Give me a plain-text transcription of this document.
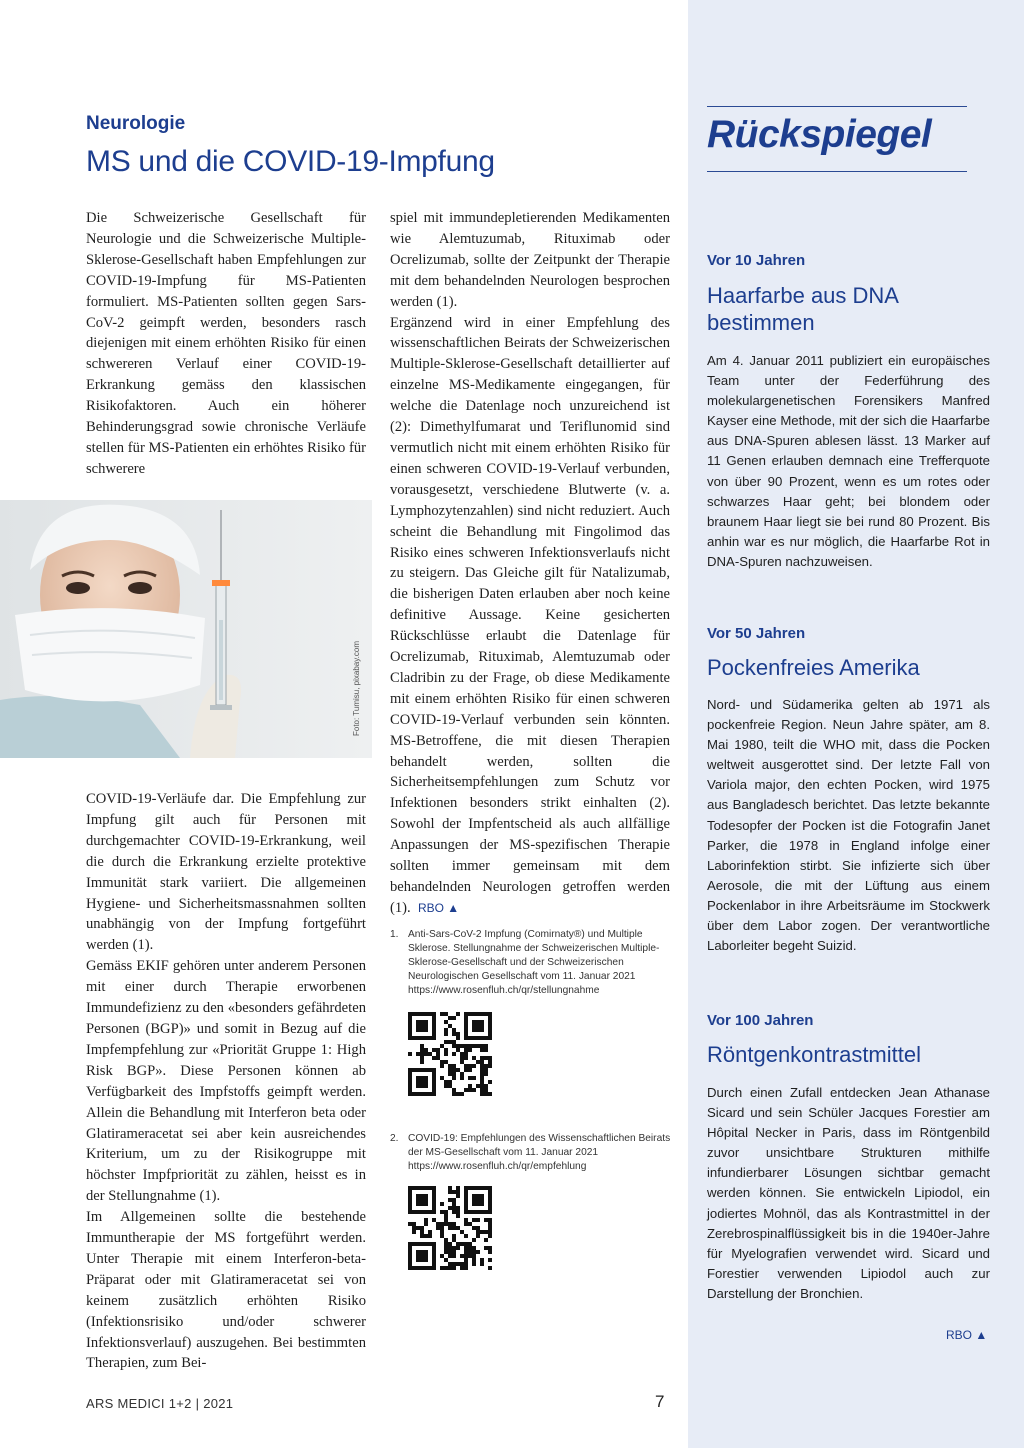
Neurologie
MS und die COVID-19-Impfung

Die Schweizerische Gesellschaft für Neurologie und die Schweizerische Multiple-Sklerose-Gesellschaft haben Empfehlungen zur COVID-19-Impfung für MS-Patienten formuliert. MS-Patienten sollten gegen Sars-CoV-2 geimpft werden, besonders rasch diejenigen mit einem erhöhten Risiko für einen schwereren Verlauf einer COVID-19-Erkrankung gemäss den klassischen Risikofaktoren. Auch ein höherer Behinderungsgrad sowie chronische Verläufe stellen für MS-Patienten ein erhöhtes Risiko für schwerere

Foto: Tumisu, pixabay.com

COVID-19-Verläufe dar. Die Empfehlung zur Impfung gilt auch für Personen mit durchgemachter COVID-19-Erkrankung, weil die durch die Erkrankung erzielte protektive Immunität stark variiert. Die allgemeinen Hygiene- und Sicherheitsmassnahmen sollten unabhängig von der Impfung fortgeführt werden (1).

Gemäss EKIF gehören unter anderem Personen mit einer durch Therapie erworbenen Immundefizienz zu den «besonders gefährdeten Personen (BGP)» und somit in Bezug auf die Impfempfehlung zur «Priorität Gruppe 1: High Risk BGP». Diese Personen können ab Verfügbarkeit des Impfstoffs geimpft werden. Allein die Behandlung mit Interferon beta oder Glatirameracetat sei aber kein ausreichendes Kriterium, um zu der Risikogruppe mit höchster Impfpriorität zu zählen, heisst es in der Stellungnahme (1).

Im Allgemeinen sollte die bestehende Immuntherapie der MS fortgeführt werden. Unter Therapie mit einem Interferon-beta-Präparat oder mit Glatirameracetat sei von keinem zusätzlich erhöhten Risiko (Infektionsrisiko und/oder schwerer Infektionsverlauf) auszugehen. Bei bestimmten Therapien, zum Bei-

spiel mit immundepletierenden Medikamenten wie Alemtuzumab, Rituximab oder Ocrelizumab, sollte der Zeitpunkt der Therapie mit dem behandelnden Neurologen besprochen werden (1).

Ergänzend wird in einer Empfehlung des wissenschaftlichen Beirats der Schweizerischen Multiple-Sklerose-Gesellschaft detaillierter auf einzelne MS-Medikamente eingegangen, für welche die Datenlage noch unzureichend ist (2): Dimethylfumarat und Teriflunomid sind vermutlich nicht mit einem erhöhten Risiko für einen schweren COVID-19-Verlauf verbunden, vorausgesetzt, verschiedene Blutwerte (v. a. Lymphozytenzahlen) sind nicht reduziert. Auch scheint die Behandlung mit Fingolimod das Risiko eines schweren Infektionsverlaufs nicht zu steigern. Das Gleiche gilt für Natalizumab, die bisherigen Daten erlauben aber noch keine definitive Aussage. Keine gesicherten Rückschlüsse erlaubt die Datenlage für Ocrelizumab, Rituximab, Alemtuzumab oder Cladribin zu der Frage, ob diese Medikamente mit einem erhöhten Risiko für einen schweren COVID-19-Verlauf verbunden sein könnten. MS-Betroffene, die mit diesen Therapien behandelt werden, sollten die Sicherheitsempfehlungen zum Schutz vor Infektionen besonders strikt einhalten (2). Sowohl der Impfentscheid als auch allfällige Anpassungen der MS-spezifischen Therapie sollten immer gemeinsam mit dem behandelnden Neurologen getroffen werden (1). RBO ▲

1. Anti-Sars-CoV-2 Impfung (Comirnaty®) und Multiple Sklerose. Stellungnahme der Schweizerischen Multiple-Sklerose-Gesellschaft und der Schweizerischen Neurologischen Gesellschaft vom 11. Januar 2021
https://www.rosenfluh.ch/qr/stellungnahme
2. COVID-19: Empfehlungen des Wissenschaftlichen Beirats der MS-Gesellschaft vom 11. Januar 2021
https://www.rosenfluh.ch/qr/empfehlung
ARS MEDICI 1+2 | 2021	7
Rückspiegel
Vor 10 Jahren
Haarfarbe aus DNA bestimmen

Am 4. Januar 2011 publiziert ein europäisches Team unter der Federführung des molekulargenetischen Forensikers Manfred Kayser eine Methode, mit der sich die Haarfarbe aus DNA-Spuren ablesen lässt. 13 Marker auf 11 Genen erlauben demnach eine Trefferquote von über 90 Prozent, wenn es um rotes oder schwarzes Haar geht; bei blondem oder braunem Haar liegt sie bei rund 80 Prozent. Bis anhin war es nur möglich, die Haarfarbe Rot in DNA-Spuren nachzuweisen.

Vor 50 Jahren
Pockenfreies Amerika

Nord- und Südamerika gelten ab 1971 als pockenfreie Region. Neun Jahre später, am 8. Mai 1980, teilt die WHO mit, dass die Pocken weltweit ausgerottet sind. Der letzte Fall von Variola major, den echten Pocken, wird 1975 aus Bangladesch berichtet. Das letzte bekannte Todesopfer der Pocken ist die Fotografin Janet Parker, die 1978 in England infolge einer Laborinfektion stirbt. Sie infizierte sich über Aerosole, die mit der Lüftung aus einem Pockenlabor in ihre Arbeitsräume im Stockwerk über dem Labor zogen. Der verantwortliche Laborleiter begeht Suizid.

Vor 100 Jahren
Röntgenkontrastmittel

Durch einen Zufall entdecken Jean Athanase Sicard und sein Schüler Jacques Forestier am Hôpital Necker in Paris, dass im Röntgenbild zuvor unsichtbare Strukturen mithilfe infundierbarer Lösungen sichtbar gemacht werden können. Sie entwickeln Lipiodol, ein jodiertes Mohnöl, das als Kontrastmittel in der Zerebrospinalflüssigkeit bis in die 1940er-Jahre für Myelografien verwendet wird. Sicard und Forestier verwenden Lipiodol auch zur Darstellung der Bronchien.

RBO ▲
